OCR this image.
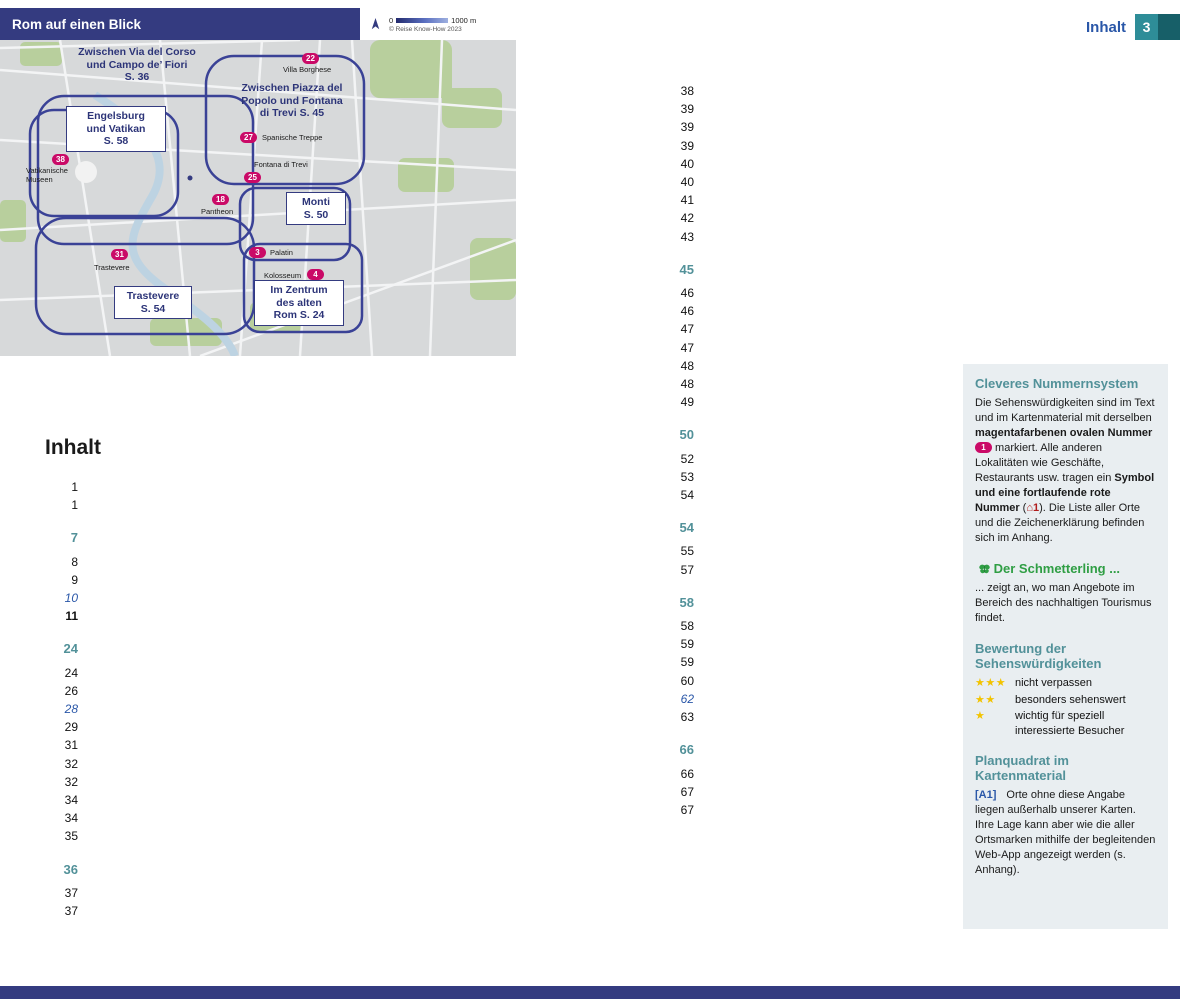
Rom auf einen Blick	0	1000 m
© Reise Know-How 2023
Zwischen Via del Corso
und Campo de’ Fiori
S. 36
Zwischen Piazza del
Popolo und Fontana
di Trevi S. 45
Engelsburg
und Vatikan
S. 58
Monti
S. 50
Trastevere
S. 54
Im Zentrum
des alten
Rom S. 24
22
27
25
18
38
31	3
4
Villa Borghese
Spanische Treppe
Fontana di Trevi
Pantheon
Vatikanische Museen
Trastevere
Palatin
Kolosseum
Inhalt	3
Inhalt
1
1
7
8
9
10
11
24
24
26
28
29
31
32
32
34
34
35
36
37
37
38
39
39
39
40
40
41
42
43
45
46
46
47
47
48
48
49
50
52
53
54
54
55
57
58
58
59
59
60
62
63
66
66
67
67
Cleveres Nummernsystem

Die Sehenswürdigkeiten sind im Text und im Kartenmaterial mit derselben magentafarbenen ovalen Nummer 1 markiert. Alle anderen Lokalitäten wie Geschäfte, Restaurants usw. tragen ein Symbol und eine fortlaufende rote Nummer (⌂1). Die Liste aller Orte und die Zeichenerklärung befinden sich im Anhang.

Der Schmetterling ...

... zeigt an, wo man Angebote im Bereich des nachhaltigen Tourismus findet.

Bewertung der Sehenswürdigkeiten
★★★ nicht verpassen
★★	besonders sehenswert
★	wichtig für speziell interessierte Besucher
Planquadrat im Kartenmaterial

[A1] Orte ohne diese Angabe liegen außerhalb unserer Karten. Ihre Lage kann aber wie die aller Ortsmarken mithilfe der begleitenden Web-App angezeigt werden (s. Anhang).
